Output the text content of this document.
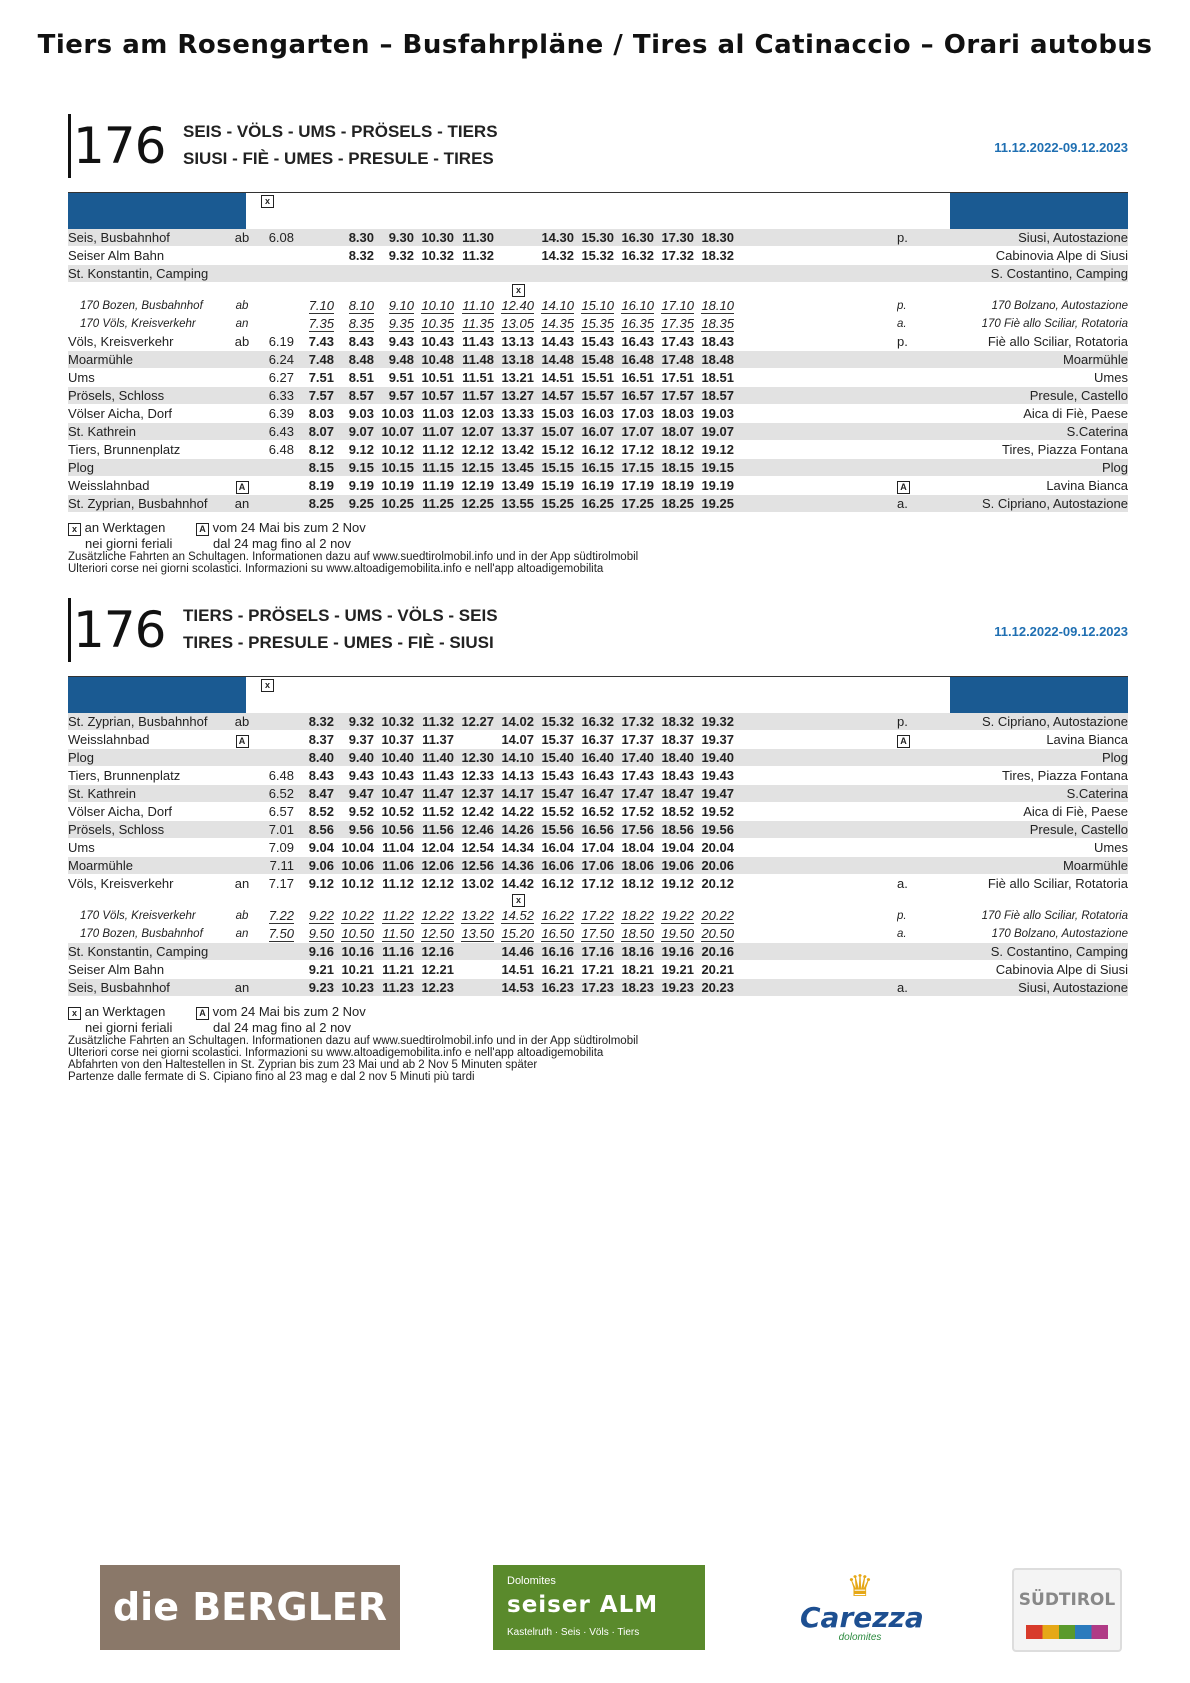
Tiers am Rosengarten – Busfahrpläne / Tires al Catinaccio – Orari autobus
176 SEIS - VÖLS - UMS - PRÖSELS - TIERS
SIUSI - FIÈ - UMES - PRESULE - TIRES
11.12.2022-09.12.2023
x
Seis, Busbahnhof	ab	6.08		8.30	9.30	10.30	11.30		14.30	15.30	16.30	17.30	18.30		p.	Siusi, Autostazione
Seiser Alm Bahn				8.32	9.32	10.32	11.32		14.32	15.32	16.32	17.32	18.32			Cabinovia Alpe di Siusi
St. Konstantin, Camping																S. Costantino, Camping
x
170 Bozen, Busbahnhof	ab		7.10	8.10	9.10	10.10	11.10	12.40	14.10	15.10	16.10	17.10	18.10		p.	170 Bolzano, Autostazione
170 Völs, Kreisverkehr	an		7.35	8.35	9.35	10.35	11.35	13.05	14.35	15.35	16.35	17.35	18.35		a.	170 Fiè allo Sciliar, Rotatoria
Völs, Kreisverkehr	ab	6.19	7.43	8.43	9.43	10.43	11.43	13.13	14.43	15.43	16.43	17.43	18.43		p.	Fiè allo Sciliar, Rotatoria
Moarmühle		6.24	7.48	8.48	9.48	10.48	11.48	13.18	14.48	15.48	16.48	17.48	18.48			Moarmühle
Ums		6.27	7.51	8.51	9.51	10.51	11.51	13.21	14.51	15.51	16.51	17.51	18.51			Umes
Prösels, Schloss		6.33	7.57	8.57	9.57	10.57	11.57	13.27	14.57	15.57	16.57	17.57	18.57			Presule, Castello
Völser Aicha, Dorf		6.39	8.03	9.03	10.03	11.03	12.03	13.33	15.03	16.03	17.03	18.03	19.03			Aica di Fiè, Paese
St. Kathrein		6.43	8.07	9.07	10.07	11.07	12.07	13.37	15.07	16.07	17.07	18.07	19.07			S.Caterina
Tiers, Brunnenplatz		6.48	8.12	9.12	10.12	11.12	12.12	13.42	15.12	16.12	17.12	18.12	19.12			Tires, Piazza Fontana
Plog			8.15	9.15	10.15	11.15	12.15	13.45	15.15	16.15	17.15	18.15	19.15			Plog
Weisslahnbad	A		8.19	9.19	10.19	11.19	12.19	13.49	15.19	16.19	17.19	18.19	19.19		A	Lavina Bianca
St. Zyprian, Busbahnhof	an		8.25	9.25	10.25	11.25	12.25	13.55	15.25	16.25	17.25	18.25	19.25		a.	S. Cipriano, Autostazione
x an Werktagen	A vom 24 Mai bis zum 2 Nov
nei giorni feriali	dal 24 mag fino al 2 nov
Zusätzliche Fahrten an Schultagen. Informationen dazu auf www.suedtirolmobil.info und in der App südtirolmobil
Ulteriori corse nei giorni scolastici. Informazioni su www.altoadigemobilita.info e nell'app altoadigemobilita
176 TIERS - PRÖSELS - UMS - VÖLS - SEIS
TIRES - PRESULE - UMES - FIÈ - SIUSI
11.12.2022-09.12.2023
x
St. Zyprian, Busbahnhof	ab		8.32	9.32	10.32	11.32	12.27	14.02	15.32	16.32	17.32	18.32	19.32		p.	S. Cipriano, Autostazione
Weisslahnbad	A		8.37	9.37	10.37	11.37		14.07	15.37	16.37	17.37	18.37	19.37		A	Lavina Bianca
Plog			8.40	9.40	10.40	11.40	12.30	14.10	15.40	16.40	17.40	18.40	19.40			Plog
Tiers, Brunnenplatz		6.48	8.43	9.43	10.43	11.43	12.33	14.13	15.43	16.43	17.43	18.43	19.43			Tires, Piazza Fontana
St. Kathrein		6.52	8.47	9.47	10.47	11.47	12.37	14.17	15.47	16.47	17.47	18.47	19.47			S.Caterina
Völser Aicha, Dorf		6.57	8.52	9.52	10.52	11.52	12.42	14.22	15.52	16.52	17.52	18.52	19.52			Aica di Fiè, Paese
Prösels, Schloss		7.01	8.56	9.56	10.56	11.56	12.46	14.26	15.56	16.56	17.56	18.56	19.56			Presule, Castello
Ums		7.09	9.04	10.04	11.04	12.04	12.54	14.34	16.04	17.04	18.04	19.04	20.04			Umes
Moarmühle		7.11	9.06	10.06	11.06	12.06	12.56	14.36	16.06	17.06	18.06	19.06	20.06			Moarmühle
Völs, Kreisverkehr	an	7.17	9.12	10.12	11.12	12.12	13.02	14.42	16.12	17.12	18.12	19.12	20.12		a.	Fiè allo Sciliar, Rotatoria
x
170 Völs, Kreisverkehr	ab	7.22	9.22	10.22	11.22	12.22	13.22	14.52	16.22	17.22	18.22	19.22	20.22		p.	170 Fiè allo Sciliar, Rotatoria
170 Bozen, Busbahnhof	an	7.50	9.50	10.50	11.50	12.50	13.50	15.20	16.50	17.50	18.50	19.50	20.50		a.	170 Bolzano, Autostazione
St. Konstantin, Camping			9.16	10.16	11.16	12.16		14.46	16.16	17.16	18.16	19.16	20.16			S. Costantino, Camping
Seiser Alm Bahn			9.21	10.21	11.21	12.21		14.51	16.21	17.21	18.21	19.21	20.21			Cabinovia Alpe di Siusi
Seis, Busbahnhof	an		9.23	10.23	11.23	12.23		14.53	16.23	17.23	18.23	19.23	20.23		a.	Siusi, Autostazione
x an Werktagen	A vom 24 Mai bis zum 2 Nov
nei giorni feriali	dal 24 mag fino al 2 nov
Zusätzliche Fahrten an Schultagen. Informationen dazu auf www.suedtirolmobil.info und in der App südtirolmobil
Ulteriori corse nei giorni scolastici. Informazioni su www.altoadigemobilita.info e nell'app altoadigemobilita
Abfahrten von den Haltestellen in St. Zyprian bis zum 23 Mai und ab 2 Nov 5 Minuten später
Partenze dalle fermate di S. Cipiano fino al 23 mag e dal 2 nov 5 Minuti più tardi
die BERGLER
Dolomites
seiser ALM
Kastelruth · Seis · Völs · Tiers
♛
Carezza
dolomites
SÜDTIROL
